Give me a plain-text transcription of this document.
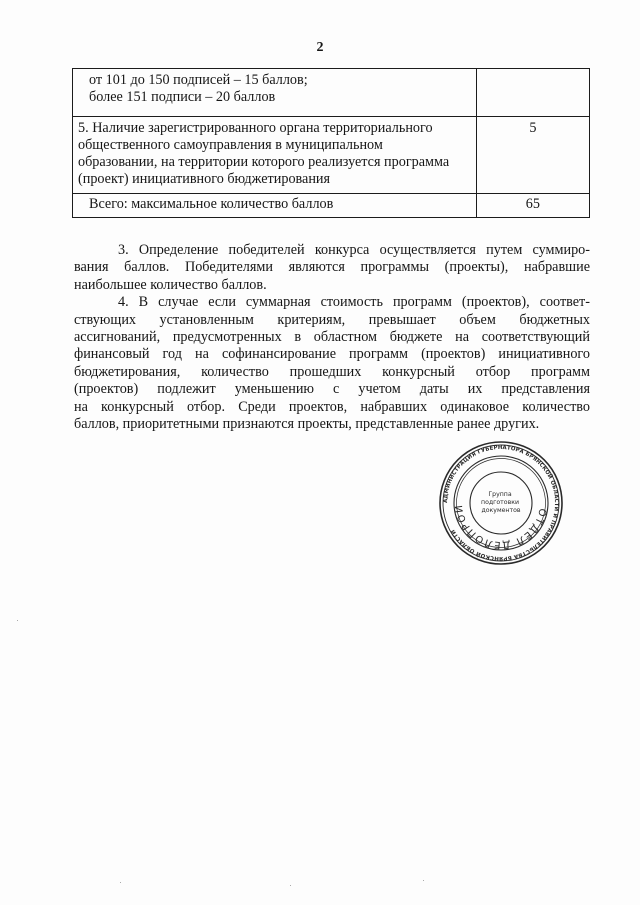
2
от 101 до 150 подписей – 15 баллов;
более 151 подписи – 20 баллов	

5. Наличие зарегистрированного органа территориального
общественного самоуправления в муниципальном
образовании, на территории которого реализуется программа
(проект) инициативного бюджетирования	5
Всего: максимальное количество баллов	65
3. Определение победителей конкурса осуществляется путем суммиро-
вания баллов. Победителями являются программы (проекты), набравшие
наибольшее количество баллов.
4. В случае если суммарная стоимость программ (проектов), соответ-
ствующих установленным критериям, превышает объем бюджетных
ассигнований, предусмотренных в областном бюджете на соответствующий
финансовый год на софинансирование программ (проектов) инициативного
бюджетирования, количество прошедших конкурсный отбор программ
(проектов) подлежит уменьшению с учетом даты их представления
на конкурсный отбор. Среди проектов, набравших одинаковое количество
баллов, приоритетными признаются проекты, представленные ранее других.
АДМИНИСТРАЦИЯ ГУБЕРНАТОРА БРЯНСКОЙ ОБЛАСТИ И ПРАВИТЕЛЬСТВА БРЯНСКОЙ ОБЛАСТИ
ОТДЕЛ ДЕЛОПРОИ
Группа подготовки документов
